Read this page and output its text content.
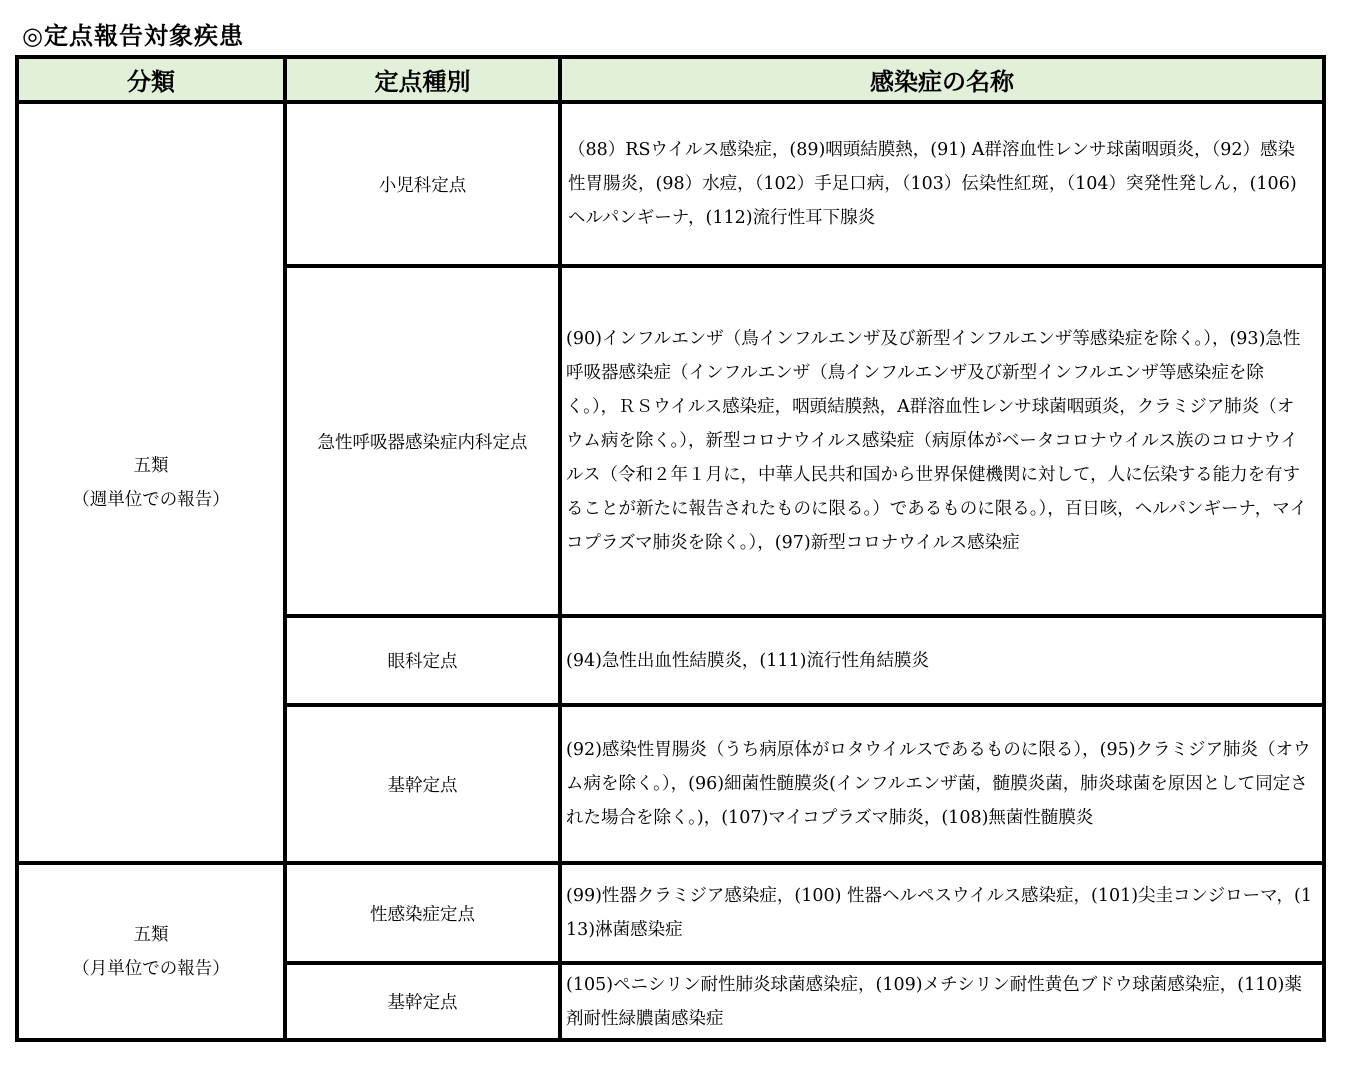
◎定点報告対象疾患
分類	定点種別	感染症の名称

五類
（週単位での報告）	小児科定点	（88）RSウイルス感染症，(89)咽頭結膜熱，(91) A群溶血性レンサ球菌咽頭炎，（92）感染性胃腸炎，(98）水痘，（102）手足口病，（103）伝染性紅斑，（104）突発性発しん，(106)ヘルパンギーナ，(112)流行性耳下腺炎
	急性呼吸器感染症内科定点	(90)インフルエンザ（鳥インフルエンザ及び新型インフルエンザ等感染症を除く。），(93)急性呼吸器感染症（インフルエンザ（鳥インフルエンザ及び新型インフルエンザ等感染症を除く。），ＲＳウイルス感染症，咽頭結膜熱，A群溶血性レンサ球菌咽頭炎，クラミジア肺炎（オウム病を除く。），新型コロナウイルス感染症（病原体がベータコロナウイルス族のコロナウイルス（令和２年１月に，中華人民共和国から世界保健機関に対して，人に伝染する能力を有することが新たに報告されたものに限る。）であるものに限る。），百日咳，ヘルパンギーナ，マイコプラズマ肺炎を除く。），(97)新型コロナウイルス感染症
	眼科定点	(94)急性出血性結膜炎，(111)流行性角結膜炎
	基幹定点	(92)感染性胃腸炎（うち病原体がロタウイルスであるものに限る），(95)クラミジア肺炎（オウム病を除く。），(96)細菌性髄膜炎(インフルエンザ菌，髄膜炎菌，肺炎球菌を原因として同定された場合を除く。)，(107)マイコプラズマ肺炎，(108)無菌性髄膜炎

五類
（月単位での報告）	性感染症定点	(99)性器クラミジア感染症，(100) 性器ヘルペスウイルス感染症，(101)尖圭コンジローマ，(113)淋菌感染症
	基幹定点	(105)ペニシリン耐性肺炎球菌感染症，(109)メチシリン耐性黄色ブドウ球菌感染症，(110)薬剤耐性緑膿菌感染症
